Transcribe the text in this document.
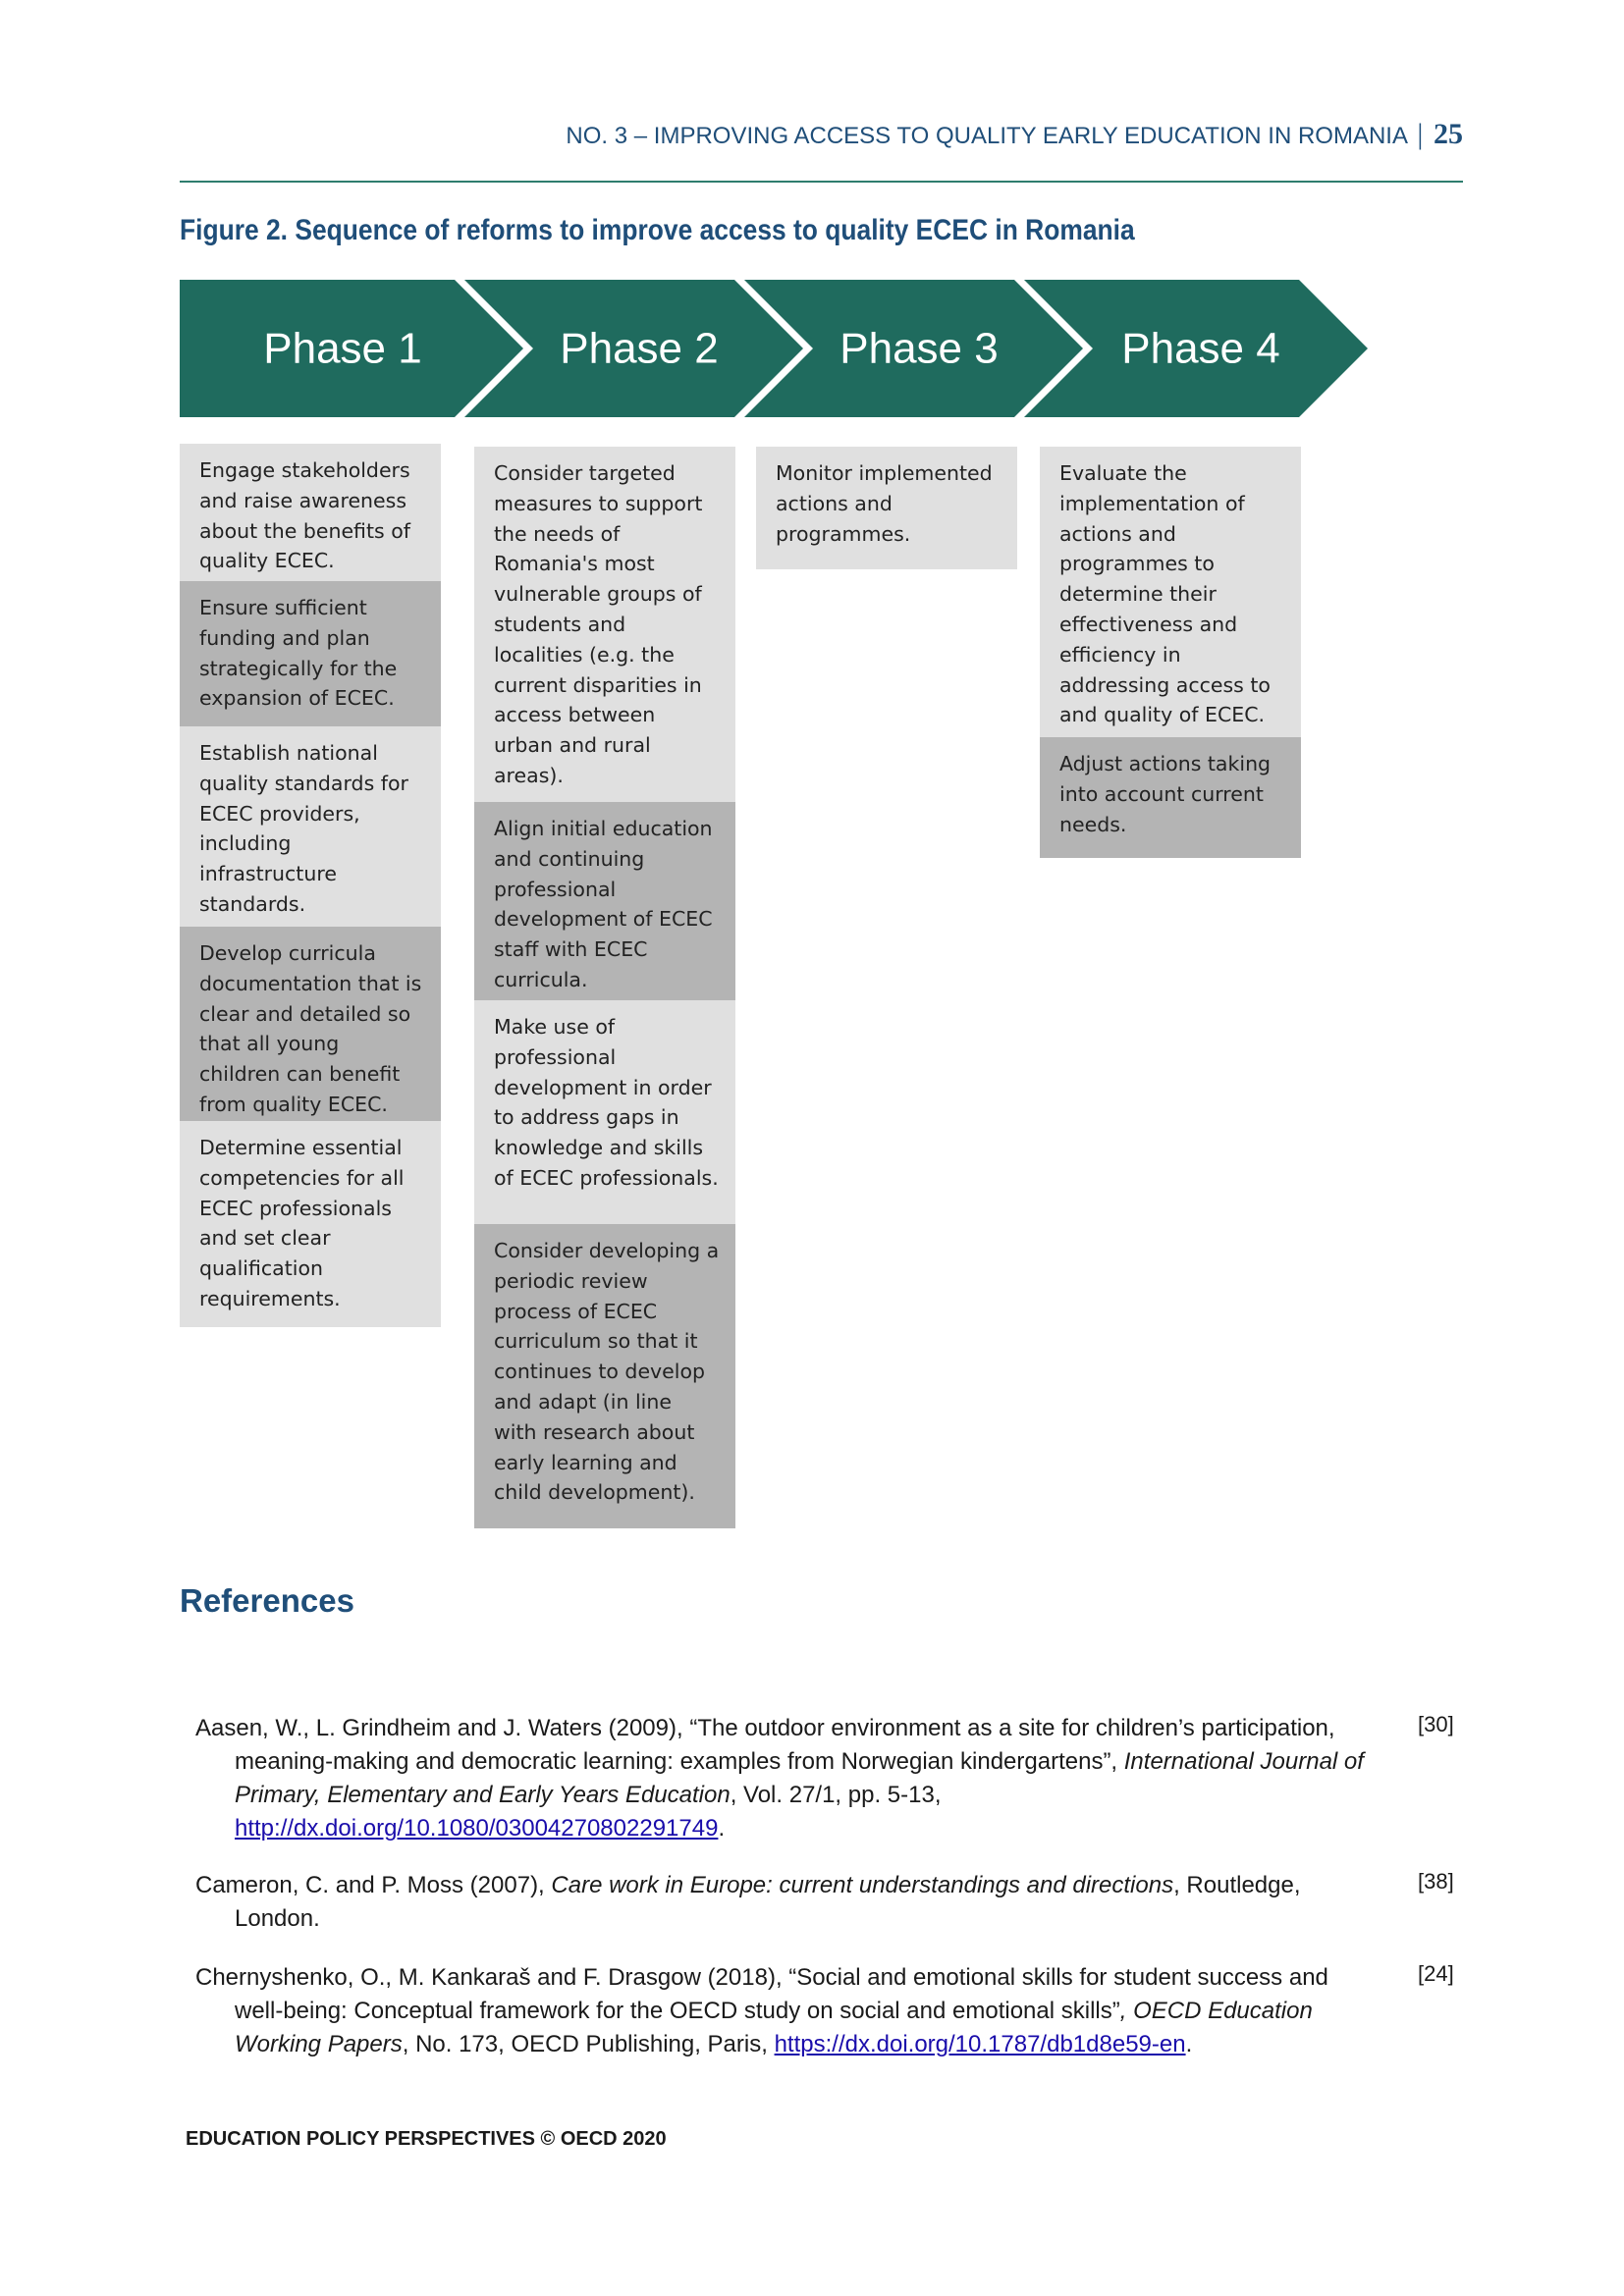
NO. 3 – IMPROVING ACCESS TO QUALITY EARLY EDUCATION IN ROMANIA | 25
Figure 2. Sequence of reforms to improve access to quality ECEC in Romania
Phase 1	Phase 2	Phase 3	Phase 4
Engage stakeholders and raise awareness about the benefits of quality ECEC.
Ensure sufficient funding and plan strategically for the expansion of ECEC.
Establish national quality standards for ECEC providers, including infrastructure standards.
Develop curricula documentation that is clear and detailed so that all young children can benefit from quality ECEC.
Determine essential competencies for all ECEC professionals and set clear qualification requirements.
Consider targeted measures to support the needs of Romania's most vulnerable groups of students and localities (e.g. the current disparities in access between urban and rural areas).
Align initial education and continuing professional development of ECEC staff with ECEC curricula.
Make use of professional development in order to address gaps in knowledge and skills of ECEC professionals.
Consider developing a periodic review process of ECEC curriculum so that it continues to develop and adapt (in line with research about early learning and child development).
Monitor implemented actions and programmes.
Evaluate the implementation of actions and programmes to determine their effectiveness and efficiency in addressing access to and quality of ECEC.
Adjust actions taking into account current needs.
References

Aasen, W., L. Grindheim and J. Waters (2009), “The outdoor environment as a site for children’s participation, meaning-making and democratic learning: examples from Norwegian kindergartens”, International Journal of Primary, Elementary and Early Years Education, Vol. 27/1, pp. 5-13, http://dx.doi.org/10.1080/03004270802291749.

[30]

Cameron, C. and P. Moss (2007), Care work in Europe: current understandings and directions, Routledge, London.

[38]

Chernyshenko, O., M. Kankaraš and F. Drasgow (2018), “Social and emotional skills for student success and well-being: Conceptual framework for the OECD study on social and emotional skills”, OECD Education Working Papers, No. 173, OECD Publishing, Paris, https://dx.doi.org/10.1787/db1d8e59-en.

[24]
EDUCATION POLICY PERSPECTIVES © OECD 2020
